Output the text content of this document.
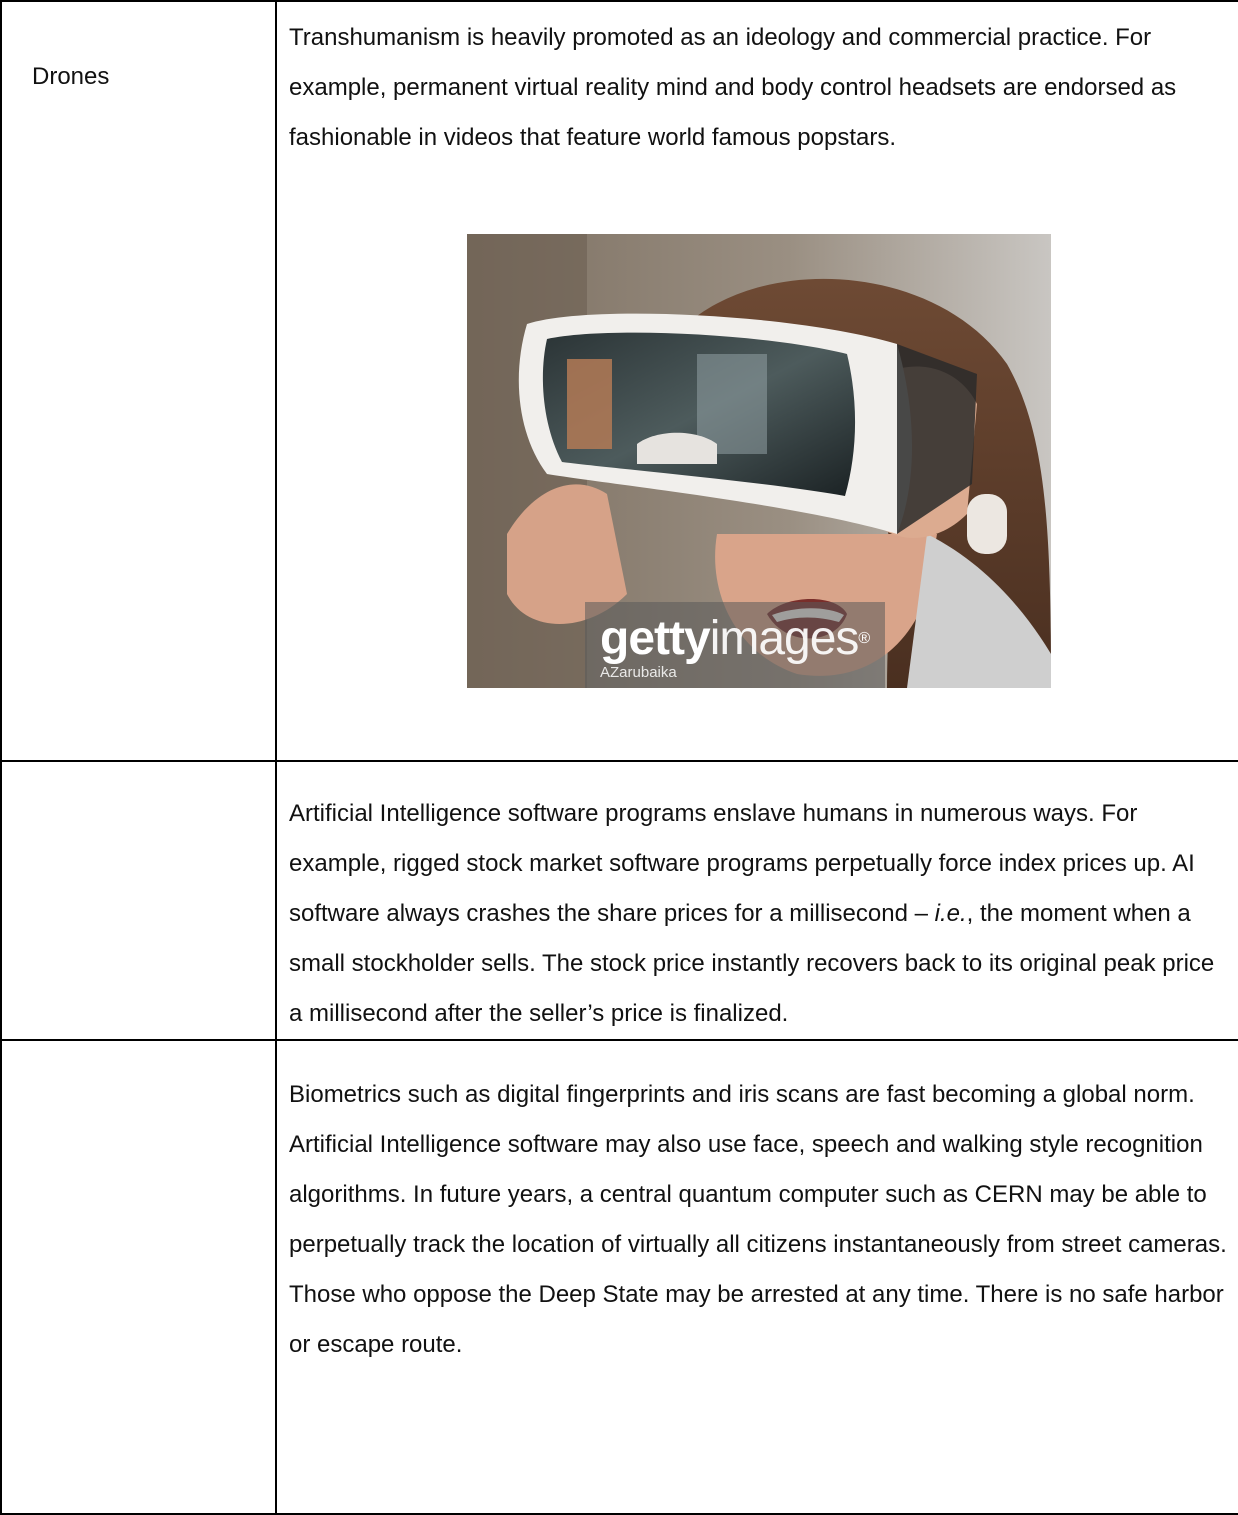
Drones	Transhumanism is heavily promoted as an ideology and commercial practice. For example, permanent virtual reality mind and body control headsets are endorsed as fashionable in videos that feature world famous popstars.

gettyimages®
AZarubaika

	Artificial Intelligence software programs enslave humans in numerous ways. For example, rigged stock market software programs perpetually force index prices up. AI software always crashes the share prices for a millisecond – i.e., the moment when a small stockholder sells. The stock price instantly recovers back to its original peak price a millisecond after the seller’s price is finalized.

	Biometrics such as digital fingerprints and iris scans are fast becoming a global norm. Artificial Intelligence software may also use face, speech and walking style recognition algorithms. In future years, a central quantum computer such as CERN may be able to perpetually track the location of virtually all citizens instantaneously from street cameras. Those who oppose the Deep State may be arrested at any time. There is no safe harbor or escape route.
